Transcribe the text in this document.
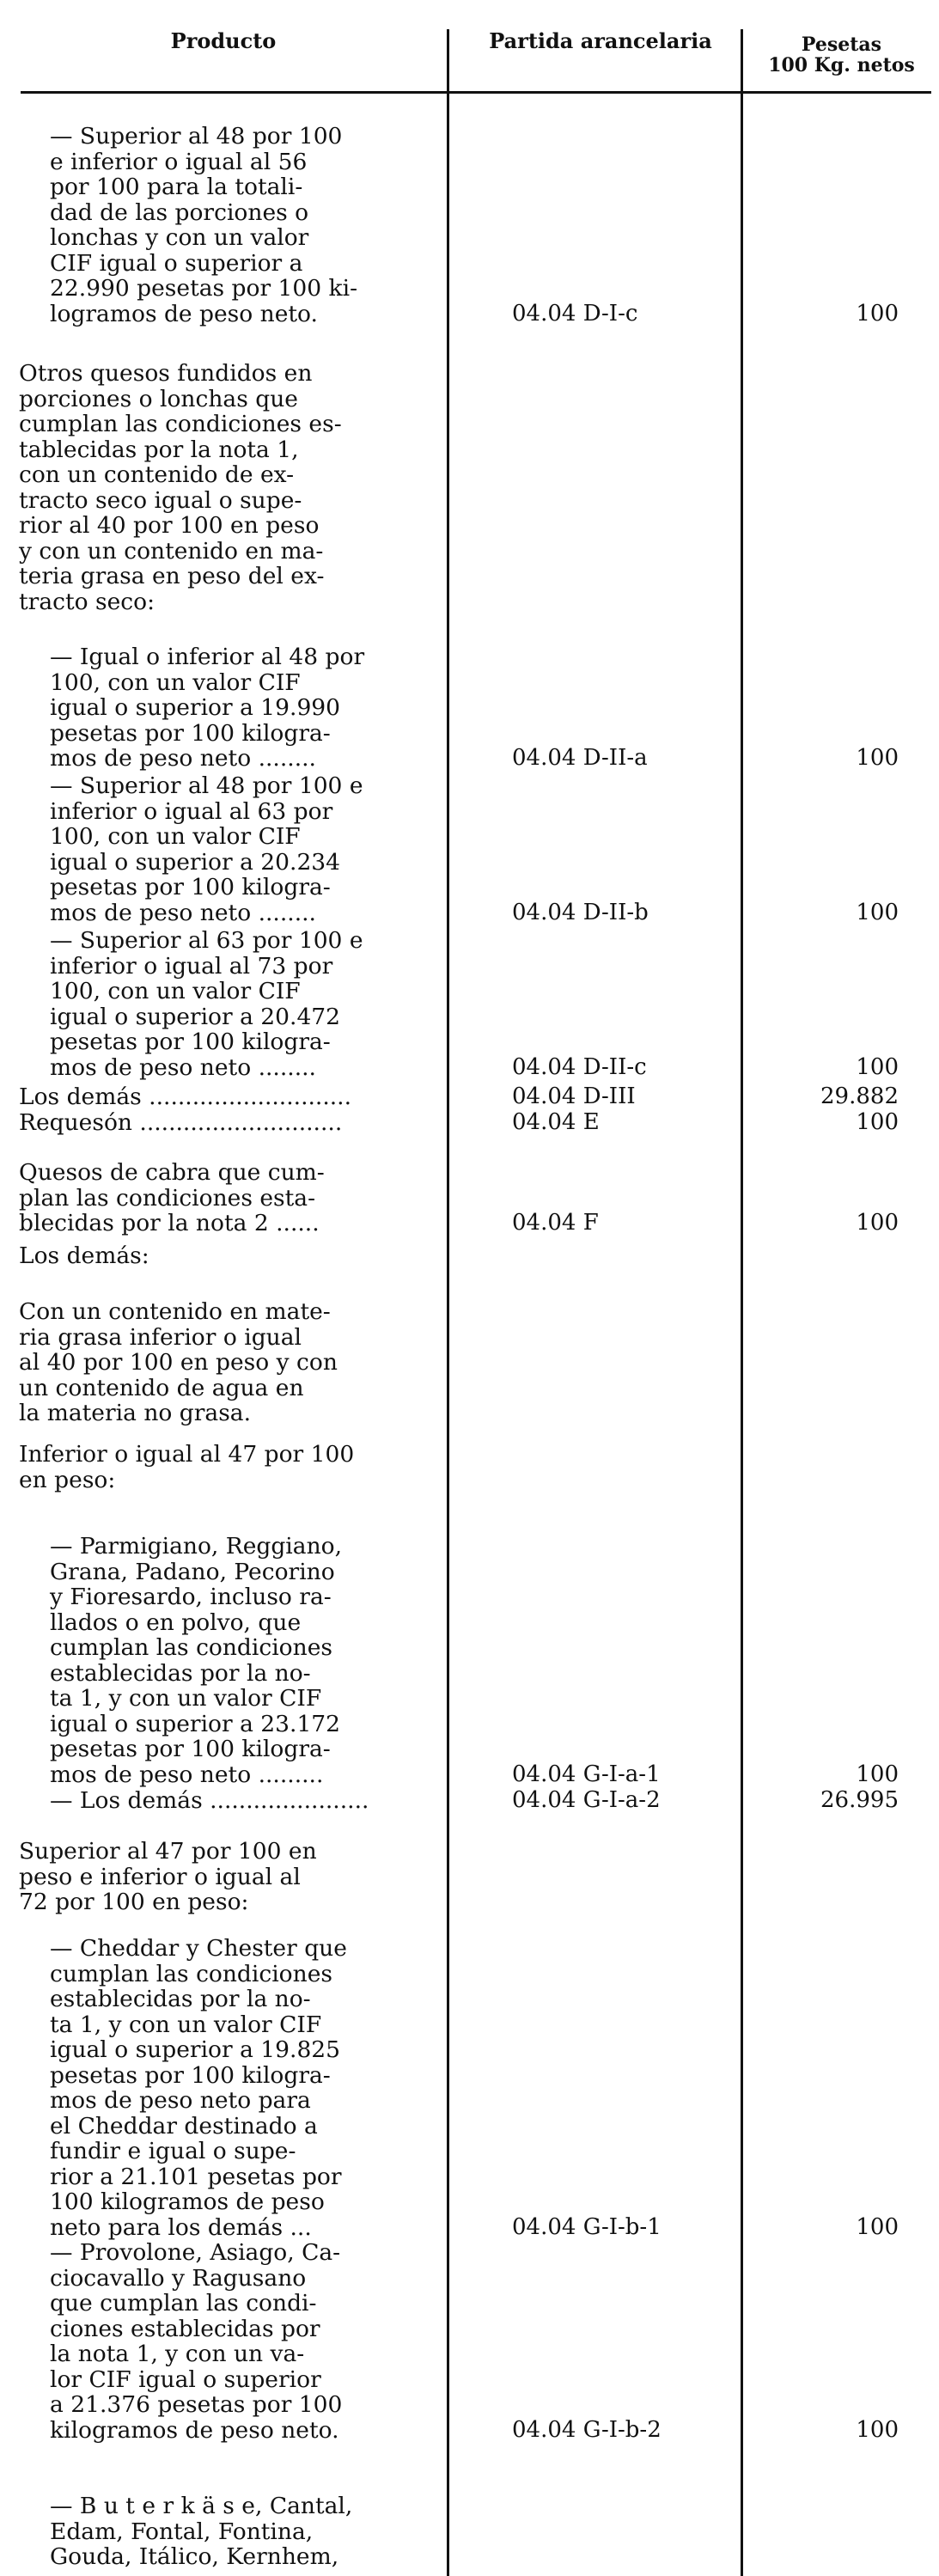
Producto	Partida arancelaria	Pesetas
100 Kg. netos
— Superior al 48 por 100
e inferior o igual al 56
por 100 para la totali-
dad de las porciones o
lonchas y con un valor
CIF igual o superior a
22.990 pesetas por 100 ki-
logramos de peso neto.	04.04 D-I-c	100
Otros quesos fundidos en
porciones o lonchas que
cumplan las condiciones es-
tablecidas por la nota 1,
con un contenido de ex-
tracto seco igual o supe-
rior al 40 por 100 en peso
y con un contenido en ma-
teria grasa en peso del ex-
tracto seco:
— Igual o inferior al 48 por
100, con un valor CIF
igual o superior a 19.990
pesetas por 100 kilogra-
mos de peso neto ........	04.04 D-II-a	100
— Superior al 48 por 100 e
inferior o igual al 63 por
100, con un valor CIF
igual o superior a 20.234
pesetas por 100 kilogra-
mos de peso neto ........	04.04 D-II-b	100
— Superior al 63 por 100 e
inferior o igual al 73 por
100, con un valor CIF
igual o superior a 20.472
pesetas por 100 kilogra-
mos de peso neto ........	04.04 D-II-c	100
Los demás ............................	04.04 D-III	29.882
Requesón ............................	04.04 E	100
Quesos de cabra que cum-
plan las condiciones esta-
blecidas por la nota 2 ......	04.04 F	100
Los demás:
Con un contenido en mate-
ria grasa inferior o igual
al 40 por 100 en peso y con
un contenido de agua en
la materia no grasa.
Inferior o igual al 47 por 100
en peso:
— Parmigiano, Reggiano,
Grana, Padano, Pecorino
y Fioresardo, incluso ra-
llados o en polvo, que
cumplan las condiciones
establecidas por la no-
ta 1, y con un valor CIF
igual o superior a 23.172
pesetas por 100 kilogra-
mos de peso neto .........	04.04 G-I-a-1	100
— Los demás ......................	04.04 G-I-a-2	26.995
Superior al 47 por 100 en
peso e inferior o igual al
72 por 100 en peso:
— Cheddar y Chester que
cumplan las condiciones
establecidas por la no-
ta 1, y con un valor CIF
igual o superior a 19.825
pesetas por 100 kilogra-
mos de peso neto para
el Cheddar destinado a
fundir e igual o supe-
rior a 21.101 pesetas por
100 kilogramos de peso
neto para los demás ...	04.04 G-I-b-1	100
— Provolone, Asiago, Ca-
ciocavallo y Ragusano
que cumplan las condi-
ciones establecidas por
la nota 1, y con un va-
lor CIF igual o superior
a 21.376 pesetas por 100
kilogramos de peso neto.	04.04 G-I-b-2	100
— B u t e r k ä s e, Cantal,
Edam, Fontal, Fontina,
Gouda, Itálico, Kernhem,
